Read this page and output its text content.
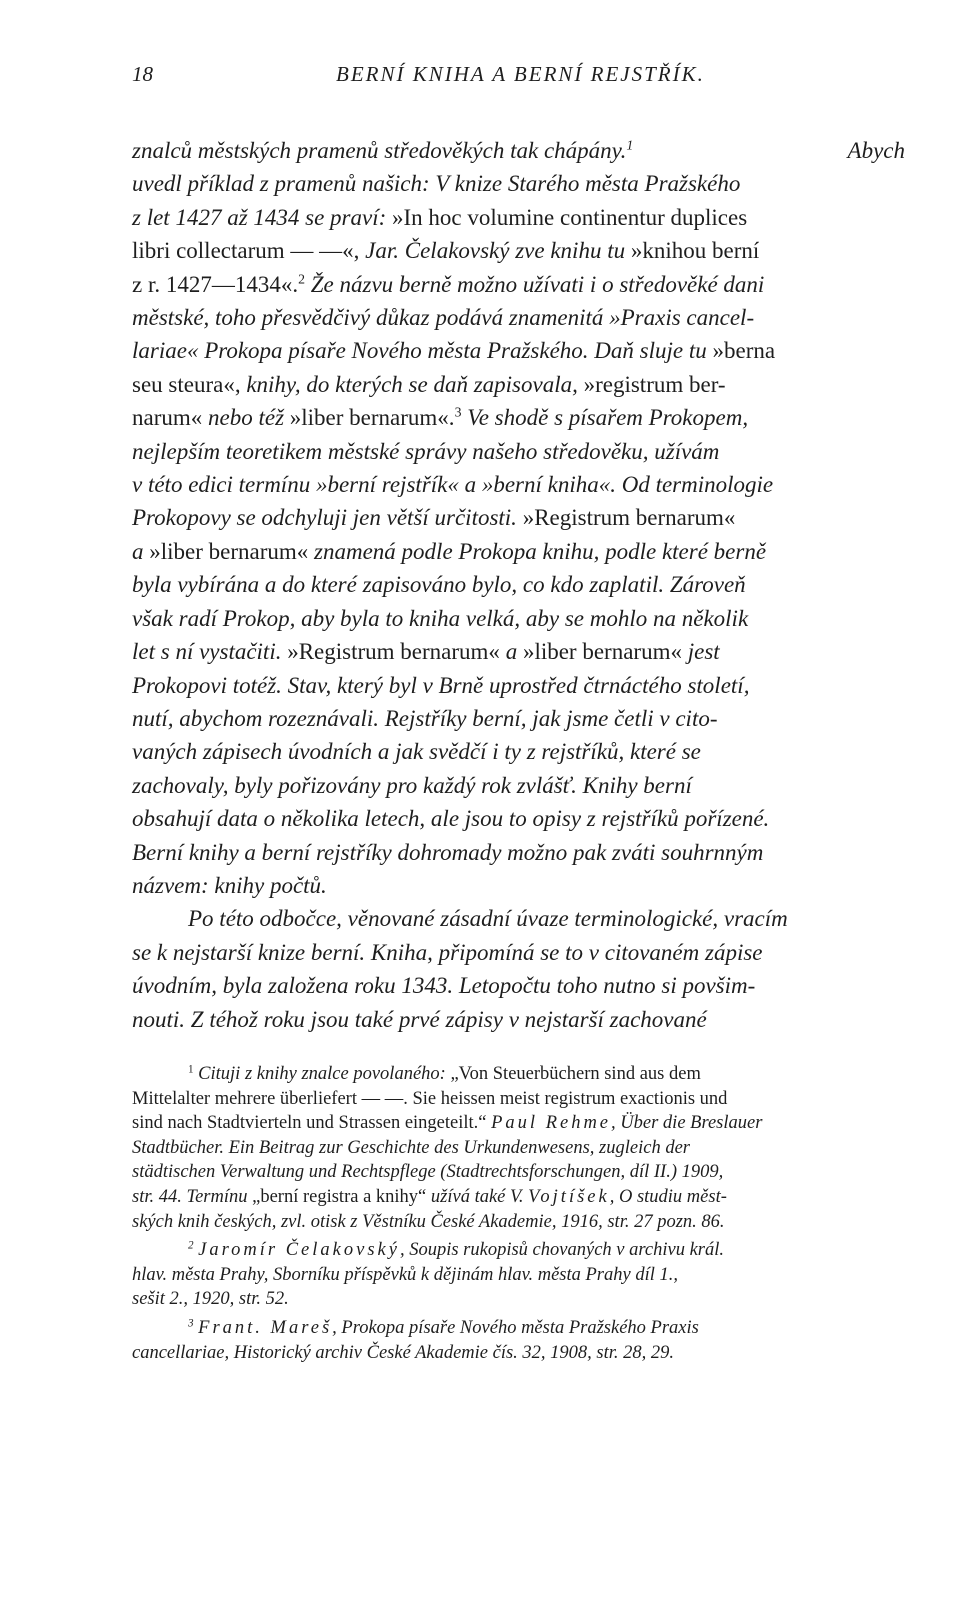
18	BERNÍ KNIHA A BERNÍ REJSTŘÍK.
znalců městských pramenů středověkých tak chápány.$^1$	Abych
uvedl příklad z pramenů našich: V knize Starého města Pražského
z let 1427 až 1434 se praví: »In hoc volumine continentur duplices
libri collectarum — —«, Jar. Čelakovský zve knihu tu »knihou berní
z r. 1427—1434«.$^2$ Že názvu berně možno užívati i o středověké dani
městské, toho přesvědčivý důkaz podává znamenitá »Praxis cancel-
lariae« Prokopa písaře Nového města Pražského. Daň sluje tu »berna
seu steura«, knihy, do kterých se daň zapisovala, »registrum ber-
narum« nebo též »liber bernarum«.$^3$ Ve shodě s písařem Prokopem,
nejlepším teoretikem městské správy našeho středověku, užívám
v této edici termínu »berní rejstřík« a »berní kniha«. Od terminologie
Prokopovy se odchyluji jen větší určitosti. »Registrum bernarum«
a »liber bernarum« znamená podle Prokopa knihu, podle které berně
byla vybírána a do které zapisováno bylo, co kdo zaplatil. Zároveň
však radí Prokop, aby byla to kniha velká, aby se mohlo na několik
let s ní vystačiti. »Registrum bernarum« a »liber bernarum« jest
Prokopovi totéž. Stav, který byl v Brně uprostřed čtrnáctého století,
nutí, abychom rozeznávali. Rejstříky berní, jak jsme četli v cito-
vaných zápisech úvodních a jak svědčí i ty z rejstříků, které se
zachovaly, byly pořizovány pro každý rok zvlášť. Knihy berní
obsahují data o několika letech, ale jsou to opisy z rejstříků pořízené.
Berní knihy a berní rejstříky dohromady možno pak zváti souhrnným
názvem: knihy počtů.
Po této odbočce, věnované zásadní úvaze terminologické, vracím
se k nejstarší knize berní. Kniha, připomíná se to v citovaném zápise
úvodním, byla založena roku 1343. Letopočtu toho nutno si povšim-
nouti. Z téhož roku jsou také prvé zápisy v nejstarší zachované
$^1$ Cituji z knihy znalce povolaného: „Von Steuerbüchern sind aus dem
Mittelalter mehrere überliefert — —. Sie heissen meist registrum exactionis und
sind nach Stadtvierteln und Strassen eingeteilt.“ Paul Rehme, Über die Breslauer
Stadtbücher. Ein Beitrag zur Geschichte des Urkundenwesens, zugleich der
städtischen Verwaltung und Rechtspflege (Stadtrechtsforschungen, díl II.) 1909,
str. 44. Termínu „berní registra a knihy“ užívá také V. Vojtíšek, O studiu měst-
ských knih českých, zvl. otisk z Věstníku České Akademie, 1916, str. 27 pozn. 86.
$^2$ Jaromír Čelakovský, Soupis rukopisů chovaných v archivu král.
hlav. města Prahy, Sborníku příspěvků k dějinám hlav. města Prahy díl 1.,
sešit 2., 1920, str. 52.
$^3$ Frant. Mareš, Prokopa písaře Nového města Pražského Praxis
cancellariae, Historický archiv České Akademie čís. 32, 1908, str. 28, 29.
